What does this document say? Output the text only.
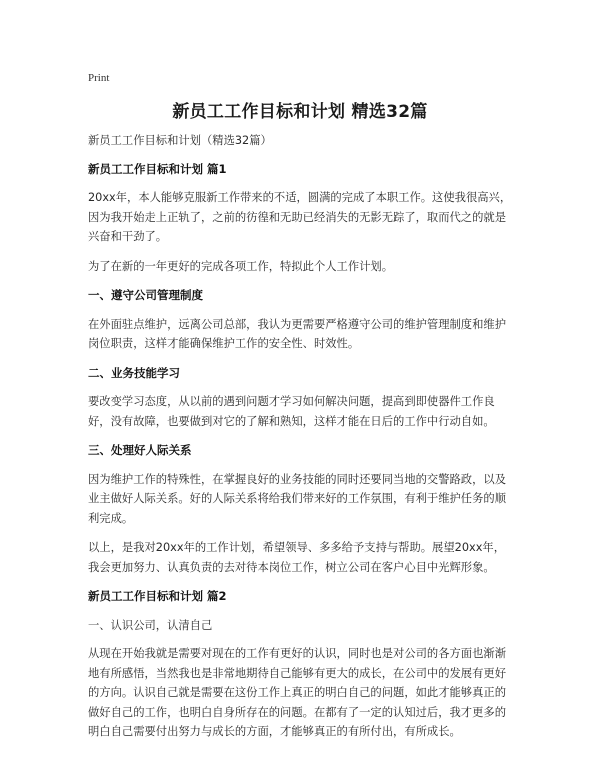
Print
新员工工作目标和计划 精选32篇

新员工工作目标和计划（精选32篇）

新员工工作目标和计划 篇1

20xx年，本人能够克服新工作带来的不适，圆满的完成了本职工作。这使我很高兴，因为我开始走上正轨了，之前的彷徨和无助已经消失的无影无踪了，取而代之的就是兴奋和干劲了。

为了在新的一年更好的完成各项工作，特拟此个人工作计划。

一、遵守公司管理制度

在外面驻点维护，远离公司总部，我认为更需要严格遵守公司的维护管理制度和维护岗位职责，这样才能确保维护工作的安全性、时效性。

二、业务技能学习

要改变学习态度，从以前的遇到问题才学习如何解决问题，提高到即使器件工作良好，没有故障，也要做到对它的了解和熟知，这样才能在日后的工作中行动自如。

三、处理好人际关系

因为维护工作的特殊性，在掌握良好的业务技能的同时还要同当地的交警路政，以及业主做好人际关系。好的人际关系将给我们带来好的工作氛围，有利于维护任务的顺利完成。

以上，是我对20xx年的工作计划，希望领导、多多给予支持与帮助。展望20xx年，我会更加努力、认真负责的去对待本岗位工作，树立公司在客户心目中光辉形象。

新员工工作目标和计划 篇2

一、认识公司，认清自己

从现在开始我就是需要对现在的工作有更好的认识，同时也是对公司的各方面也渐渐地有所感悟，当然我也是非常地期待自己能够有更大的成长，在公司中的发展有更好的方向。认识自己就是需要在这份工作上真正的明白自己的问题，如此才能够真正的做好自己的工作，也明白自身所存在的问题。在都有了一定的认知过后，我才更多的明白自己需要付出努力与成长的方面，才能够真正的有所付出，有所成长。
